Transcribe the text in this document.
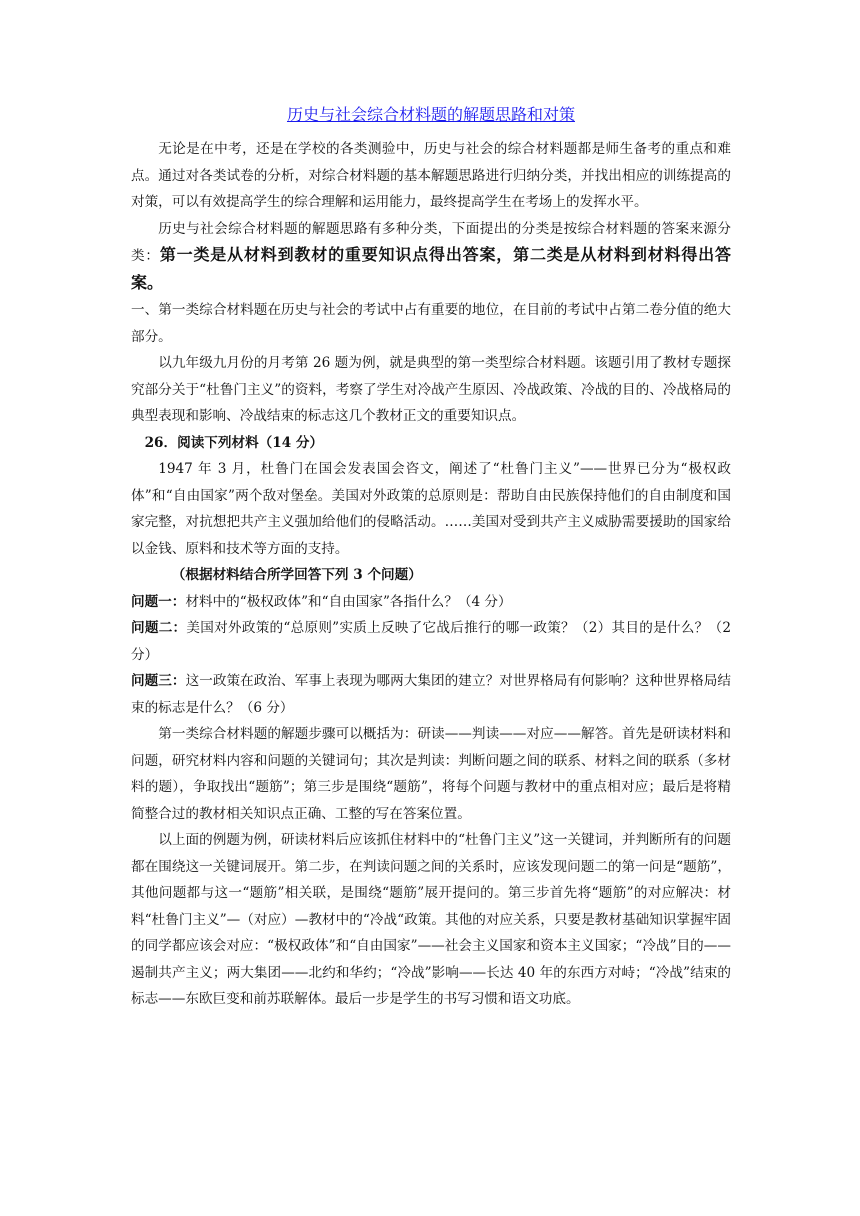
历史与社会综合材料题的解题思路和对策

无论是在中考，还是在学校的各类测验中，历史与社会的综合材料题都是师生备考的重点和难点。通过对各类试卷的分析，对综合材料题的基本解题思路进行归纳分类，并找出相应的训练提高的对策，可以有效提高学生的综合理解和运用能力，最终提高学生在考场上的发挥水平。

历史与社会综合材料题的解题思路有多种分类，下面提出的分类是按综合材料题的答案来源分类：第一类是从材料到教材的重要知识点得出答案，第二类是从材料到材料得出答案。

一、第一类综合材料题在历史与社会的考试中占有重要的地位，在目前的考试中占第二卷分值的绝大部分。

以九年级九月份的月考第 26 题为例，就是典型的第一类型综合材料题。该题引用了教材专题探究部分关于“杜鲁门主义”的资料，考察了学生对冷战产生原因、冷战政策、冷战的目的、冷战格局的典型表现和影响、冷战结束的标志这几个教材正文的重要知识点。

26．阅读下列材料（14 分）

1947 年 3 月，杜鲁门在国会发表国会咨文，阐述了“杜鲁门主义”——世界已分为“极权政体”和“自由国家”两个敌对堡垒。美国对外政策的总原则是：帮助自由民族保持他们的自由制度和国家完整，对抗想把共产主义强加给他们的侵略活动。……美国对受到共产主义威胁需要援助的国家给以金钱、原料和技术等方面的支持。

（根据材料结合所学回答下列 3 个问题）

问题一：材料中的“极权政体”和“自由国家”各指什么？（4 分）

问题二：美国对外政策的“总原则”实质上反映了它战后推行的哪一政策？（2）其目的是什么？（2 分）

问题三：这一政策在政治、军事上表现为哪两大集团的建立？对世界格局有何影响？这种世界格局结束的标志是什么？（6 分）

第一类综合材料题的解题步骤可以概括为：研读——判读——对应——解答。首先是研读材料和问题，研究材料内容和问题的关键词句；其次是判读：判断问题之间的联系、材料之间的联系（多材料的题），争取找出“题筋”；第三步是围绕“题筋”，将每个问题与教材中的重点相对应；最后是将精简整合过的教材相关知识点正确、工整的写在答案位置。

以上面的例题为例，研读材料后应该抓住材料中的“杜鲁门主义”这一关键词，并判断所有的问题都在围绕这一关键词展开。第二步，在判读问题之间的关系时，应该发现问题二的第一问是“题筋”，其他问题都与这一“题筋”相关联，是围绕“题筋”展开提问的。第三步首先将“题筋”的对应解决：材料“杜鲁门主义”—（对应）—教材中的“冷战“政策。其他的对应关系，只要是教材基础知识掌握牢固的同学都应该会对应：“极权政体”和“自由国家”——社会主义国家和资本主义国家；“冷战”目的——遏制共产主义；两大集团——北约和华约；“冷战”影响——长达 40 年的东西方对峙；“冷战”结束的标志——东欧巨变和前苏联解体。最后一步是学生的书写习惯和语文功底。
